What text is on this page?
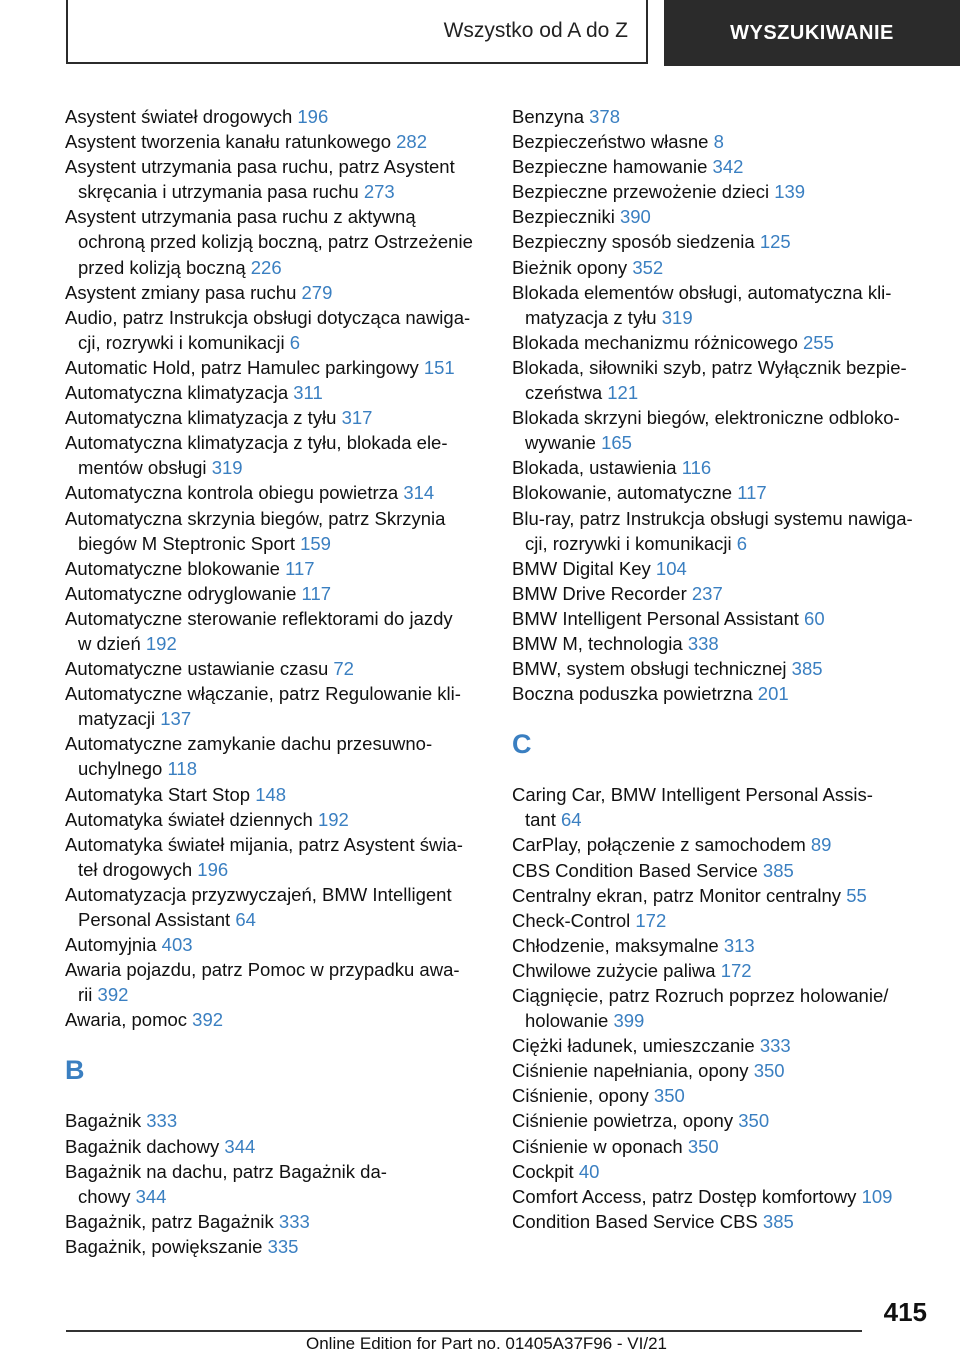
Wszystko od A do Z	WYSZUKIWANIE
Asystent świateł drogowych 196
Asystent tworzenia kanału ratunkowego 282
Asystent utrzymania pasa ruchu, patrz Asystent
skręcania i utrzymania pasa ruchu 273
Asystent utrzymania pasa ruchu z aktywną
ochroną przed kolizją boczną, patrz Ostrzeżenie
przed kolizją boczną 226
Asystent zmiany pasa ruchu 279
Audio, patrz Instrukcja obsługi dotycząca nawiga‐
cji, rozrywki i komunikacji 6
Automatic Hold, patrz Hamulec parkingowy 151
Automatyczna klimatyzacja 311
Automatyczna klimatyzacja z tyłu 317
Automatyczna klimatyzacja z tyłu, blokada ele‐
mentów obsługi 319
Automatyczna kontrola obiegu powietrza 314
Automatyczna skrzynia biegów, patrz Skrzynia
biegów M Steptronic Sport 159
Automatyczne blokowanie 117
Automatyczne odryglowanie 117
Automatyczne sterowanie reflektorami do jazdy
w dzień 192
Automatyczne ustawianie czasu 72
Automatyczne włączanie, patrz Regulowanie kli‐
matyzacji 137
Automatyczne zamykanie dachu przesuwno‐
uchylnego 118
Automatyka Start Stop 148
Automatyka świateł dziennych 192
Automatyka świateł mijania, patrz Asystent świa‐
teł drogowych 196
Automatyzacja przyzwyczajeń, BMW Intelligent
Personal Assistant 64
Automyjnia 403
Awaria pojazdu, patrz Pomoc w przypadku awa‐
rii 392
Awaria, pomoc 392
B
Bagażnik 333
Bagażnik dachowy 344
Bagażnik na dachu, patrz Bagażnik da‐
chowy 344
Bagażnik, patrz Bagażnik 333
Bagażnik, powiększanie 335
Benzyna 378
Bezpieczeństwo własne 8
Bezpieczne hamowanie 342
Bezpieczne przewożenie dzieci 139
Bezpieczniki 390
Bezpieczny sposób siedzenia 125
Bieżnik opony 352
Blokada elementów obsługi, automatyczna kli‐
matyzacja z tyłu 319
Blokada mechanizmu różnicowego 255
Blokada, siłowniki szyb, patrz Wyłącznik bezpie‐
czeństwa 121
Blokada skrzyni biegów, elektroniczne odbloko‐
wywanie 165
Blokada, ustawienia 116
Blokowanie, automatyczne 117
Blu-ray, patrz Instrukcja obsługi systemu nawiga‐
cji, rozrywki i komunikacji 6
BMW Digital Key 104
BMW Drive Recorder 237
BMW Intelligent Personal Assistant 60
BMW M, technologia 338
BMW, system obsługi technicznej 385
Boczna poduszka powietrzna 201
C
Caring Car, BMW Intelligent Personal Assis‐
tant 64
CarPlay, połączenie z samochodem 89
CBS Condition Based Service 385
Centralny ekran, patrz Monitor centralny 55
Check-Control 172
Chłodzenie, maksymalne 313
Chwilowe zużycie paliwa 172
Ciągnięcie, patrz Rozruch poprzez holowanie/
holowanie 399
Ciężki ładunek, umieszczanie 333
Ciśnienie napełniania, opony 350
Ciśnienie, opony 350
Ciśnienie powietrza, opony 350
Ciśnienie w oponach 350
Cockpit 40
Comfort Access, patrz Dostęp komfortowy 109
Condition Based Service CBS 385
415
Online Edition for Part no. 01405A37F96 - VI/21
